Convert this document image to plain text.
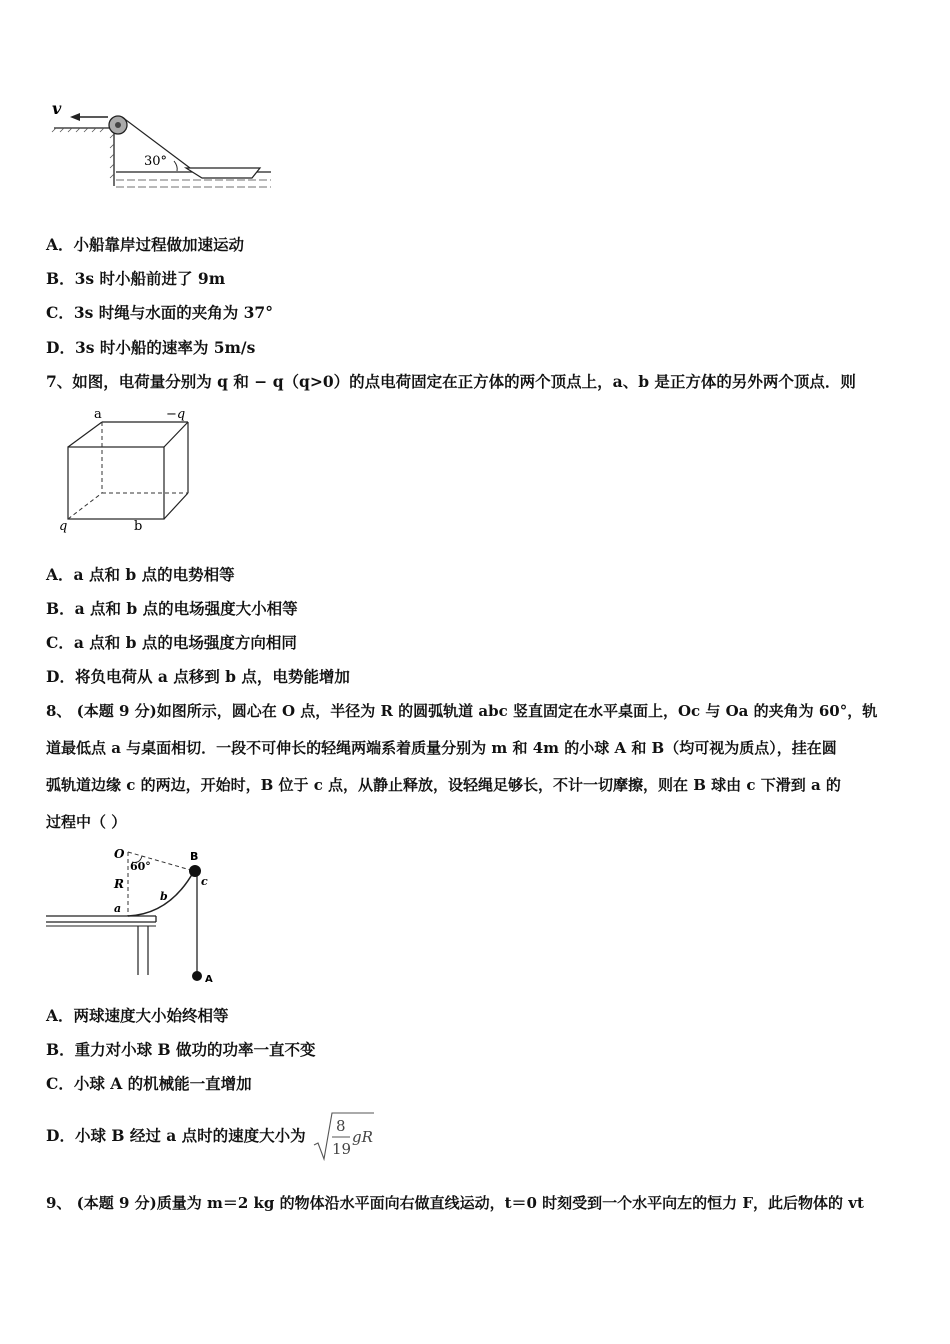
v
30°
A．小船靠岸过程做加速运动
B．3s 时小船前进了 9m
C．3s 时绳与水面的夹角为 37°
D．3s 时小船的速率为 5m/s
7、如图，电荷量分别为 q 和 − q（q>0）的点电荷固定在正方体的两个顶点上，a、b 是正方体的另外两个顶点．则
a	−q
q	b
A．a 点和 b 点的电势相等
B．a 点和 b 点的电场强度大小相等
C．a 点和 b 点的电场强度方向相同
D．将负电荷从 a 点移到 b 点，电势能增加
8、 (本题 9 分)如图所示，圆心在 O 点，半径为 R 的圆弧轨道 abc 竖直固定在水平桌面上，Oc 与 Oa 的夹角为 60°，轨
道最低点 a 与桌面相切．一段不可伸长的轻绳两端系着质量分别为 m 和 4m 的小球 A 和 B（均可视为质点），挂在圆
弧轨道边缘 c 的两边，开始时，B 位于 c 点，从静止释放，设轻绳足够长，不计一切摩擦，则在 B 球由 c 下滑到 a 的
过程中（ ）
O
60°
B
c
R
a
b
A
A．两球速度大小始终相等
B．重力对小球 B 做功的功率一直不变
C．小球 A 的机械能一直增加
D．小球 B 经过 a 点时的速度大小为 8
19
gR
9、 (本题 9 分)质量为 m＝2 kg 的物体沿水平面向右做直线运动，t＝0 时刻受到一个水平向左的恒力 F，此后物体的 vt
